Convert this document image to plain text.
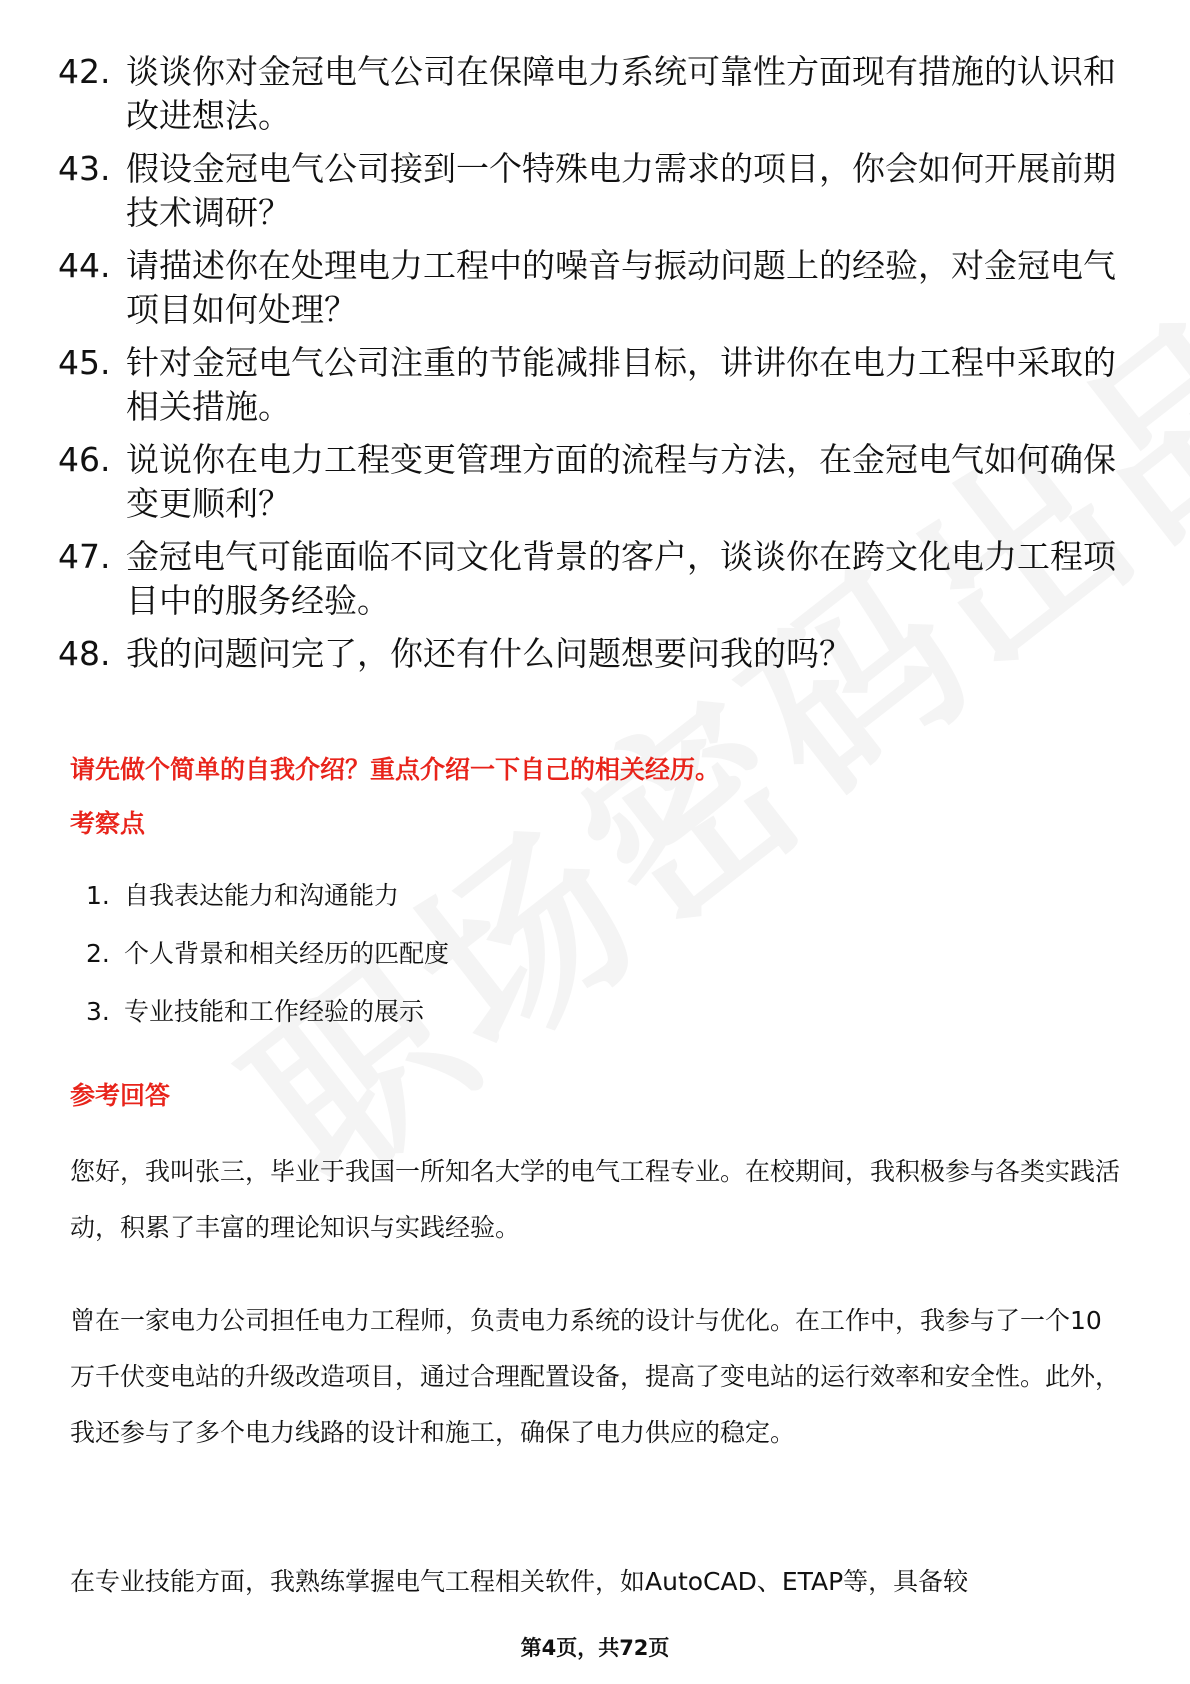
42. 谈谈你对金冠电气公司在保障电力系统可靠性方面现有措施的认识和改进想法。
43. 假设金冠电气公司接到一个特殊电力需求的项目，你会如何开展前期技术调研？
44. 请描述你在处理电力工程中的噪音与振动问题上的经验，对金冠电气项目如何处理？
45. 针对金冠电气公司注重的节能减排目标，讲讲你在电力工程中采取的相关措施。
46. 说说你在电力工程变更管理方面的流程与方法，在金冠电气如何确保变更顺利？
47. 金冠电气可能面临不同文化背景的客户，谈谈你在跨文化电力工程项目中的服务经验。
48. 我的问题问完了，你还有什么问题想要问我的吗？
请先做个简单的自我介绍？重点介绍一下自己的相关经历。
考察点
1. 自我表达能力和沟通能力
2. 个人背景和相关经历的匹配度
3. 专业技能和工作经验的展示
参考回答

您好，我叫张三，毕业于我国一所知名大学的电气工程专业。在校期间，我积极参与各类实践活动，积累了丰富的理论知识与实践经验。

曾在一家电力公司担任电力工程师，负责电力系统的设计与优化。在工作中，我参与了一个10万千伏变电站的升级改造项目，通过合理配置设备，提高了变电站的运行效率和安全性。此外，我还参与了多个电力线路的设计和施工，确保了电力供应的稳定。

在专业技能方面，我熟练掌握电气工程相关软件，如AutoCAD、ETAP等，具备较

第4页，共72页
